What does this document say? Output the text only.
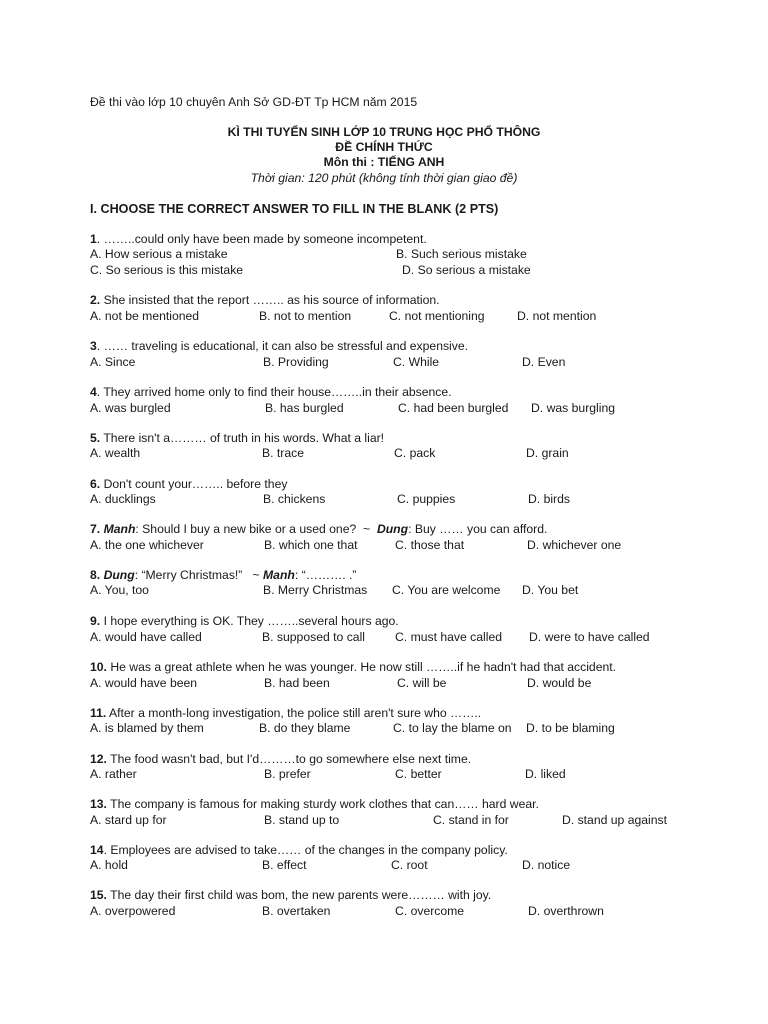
Đề thi vào lớp 10 chuyên Anh Sở GD-ĐT Tp HCM năm 2015
KÌ THI TUYỂN SINH LỚP 10 TRUNG HỌC PHỔ THÔNG
ĐỀ CHÍNH THỨC
Môn thi : TIẾNG ANH
Thời gian: 120 phút (không tính thời gian giao đề)
I. CHOOSE THE CORRECT ANSWER TO FILL IN THE BLANK (2 PTS)
1. ……..could only have been made by someone incompetent.
A. How serious a mistake	B. Such serious mistake
C. So serious is this mistake	D. So serious a mistake
2. She insisted that the report …….. as his source of information.
A. not be mentioned	B. not to mention	C. not mentioning	D. not mention
3. …… traveling is educational, it can also be stressful and expensive.
A. Since	B. Providing	C. While	D. Even
4. They arrived home only to find their house……..in their absence.
A. was burgled	B. has burgled	C. had been burgled D. was burgling
5. There isn't a……… of truth in his words. What a liar!
A. wealth	B. trace	C. pack	D. grain
6. Don't count your…….. before they
A. ducklings	B. chickens	C. puppies	D. birds
7. Manh: Should I buy a new bike or a used one?  ~  Dung: Buy …… you can afford.
A. the one whichever	B. which one that	C. those that	D. whichever one
8. Dung: “Merry Christmas!”   ~ Manh: “………. .”
A. You, too	B. Merry Christmas C. You are welcome D. You bet
9. I hope everything is OK. They ……..several hours ago.
A. would have called	B. supposed to call C. must have called D. were to have called
10. He was a great athlete when he was younger. He now still ……..if he hadn't had that accident.
A. would have been	B. had been	C. will be	D. would be
11. After a month-long investigation, the police still aren't sure who ……..
A. is blamed by them	B. do they blame	C. to lay the blame on D. to be blaming
12. The food wasn't bad, but I'd………to go somewhere else next time.
A. rather	B. prefer	C. better	D. liked
13. The company is famous for making sturdy work clothes that can…… hard wear.
A. stard up for	B. stand up to	C. stand in for	D. stand up against
14. Employees are advised to take…… of the changes in the company policy.
A. hold	B. effect	C. root	D. notice
15. The day their first child was bom, the new parents were……… with joy.
A. overpowered	B. overtaken	C. overcome	D. overthrown
